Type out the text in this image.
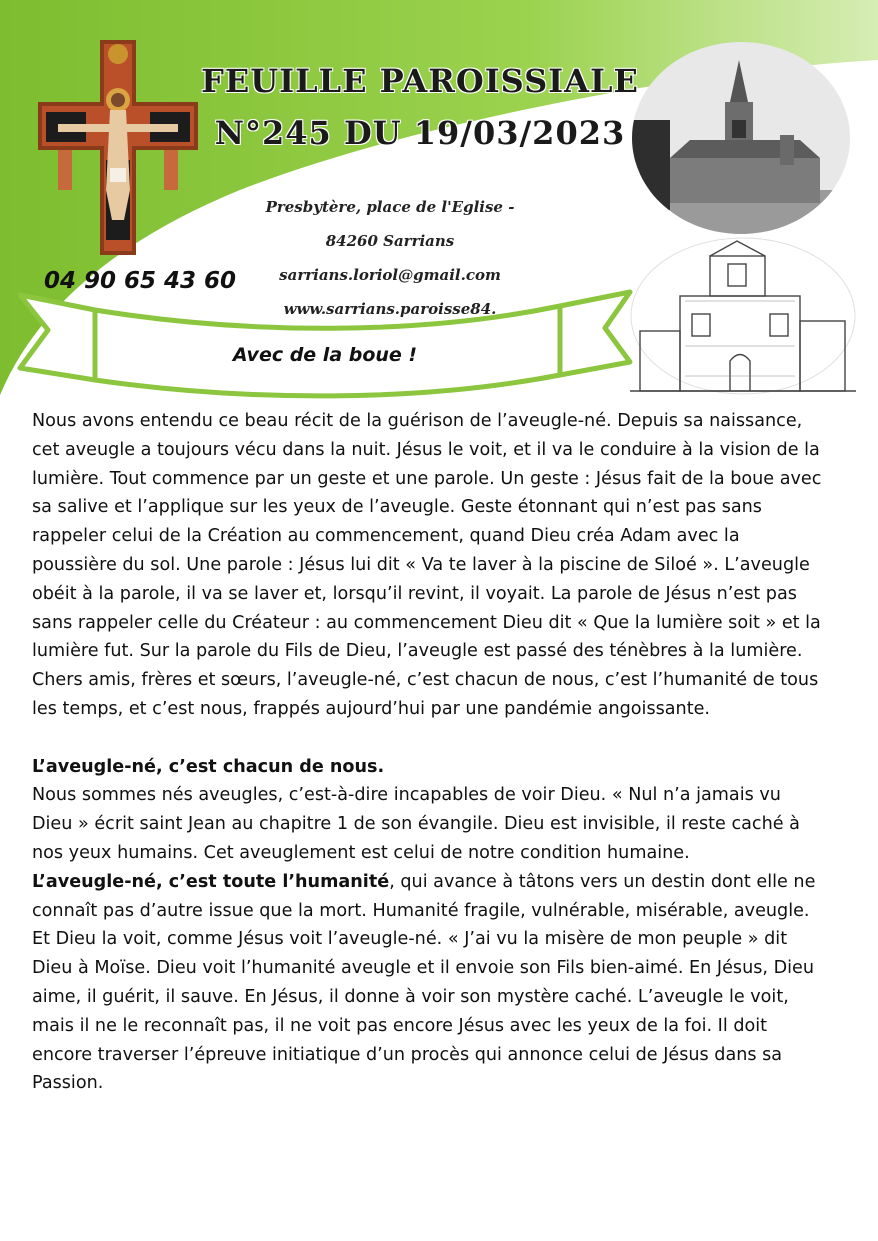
FEUILLE PAROISSIALE
N°245 DU 19/03/2023
Presbytère, place de l'Eglise -
84260 Sarrians
sarrians.loriol@gmail.com
www.sarrians.paroisse84.
04 90 65 43 60
Avec de la boue !

Nous avons entendu ce beau récit de la guérison de l’aveugle-né. Depuis sa naissance, cet aveugle a toujours vécu dans la nuit. Jésus le voit, et il va le conduire à la vision de la lumière. Tout commence par un geste et une parole. Un geste : Jésus fait de la boue avec sa salive et l’applique sur les yeux de l’aveugle. Geste étonnant qui n’est pas sans rappeler celui de la Création au commencement, quand Dieu créa Adam avec la poussière du sol. Une parole : Jésus lui dit « Va te laver à la piscine de Siloé ». L’aveugle obéit à la parole, il va se laver et, lorsqu’il revint, il voyait. La parole de Jésus n’est pas sans rappeler celle du Créateur : au commencement Dieu dit « Que la lumière soit » et la lumière fut. Sur la parole du Fils de Dieu, l’aveugle est passé des ténèbres à la lumière.

Chers amis, frères et sœurs, l’aveugle-né, c’est chacun de nous, c’est l’humanité de tous les temps, et c’est nous, frappés aujourd’hui par une pandémie angoissante.

L’aveugle-né, c’est chacun de nous.

Nous sommes nés aveugles, c’est-à-dire incapables de voir Dieu. « Nul n’a jamais vu Dieu » écrit saint Jean au chapitre 1 de son évangile. Dieu est invisible, il reste caché à nos yeux humains. Cet aveuglement est celui de notre condition humaine.

L’aveugle-né, c’est toute l’humanité, qui avance à tâtons vers un destin dont elle ne connaît pas d’autre issue que la mort. Humanité fragile, vulnérable, misérable, aveugle. Et Dieu la voit, comme Jésus voit l’aveugle-né. « J’ai vu la misère de mon peuple » dit Dieu à Moïse. Dieu voit l’humanité aveugle et il envoie son Fils bien-aimé. En Jésus, Dieu aime, il guérit, il sauve. En Jésus, il donne à voir son mystère caché. L’aveugle le voit, mais il ne le reconnaît pas, il ne voit pas encore Jésus avec les yeux de la foi. Il doit encore traverser l’épreuve initiatique d’un procès qui annonce celui de Jésus dans sa Passion.
